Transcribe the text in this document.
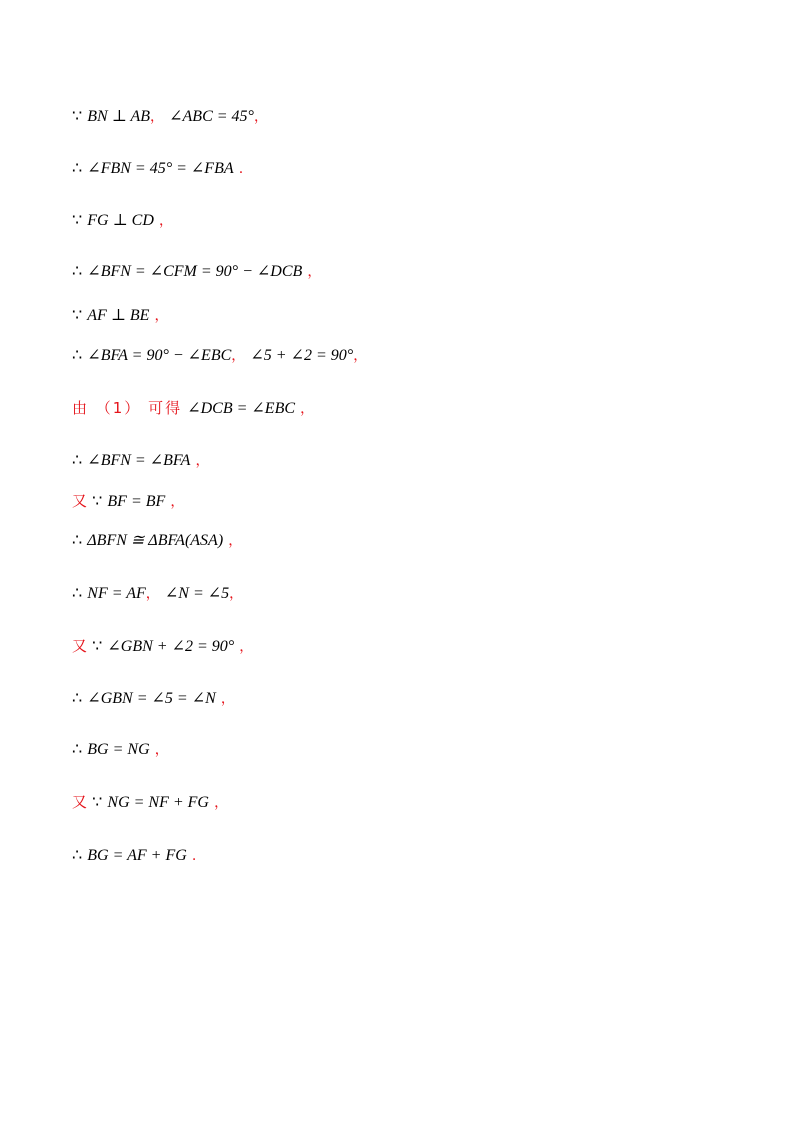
∵ BN ⊥ AB， ∠ABC = 45°，
∴ ∠FBN = 45° = ∠FBA .
∵ FG ⊥ CD ，
∴ ∠BFN = ∠CFM = 90° − ∠DCB ，
∵ AF ⊥ BE ，
∴ ∠BFA = 90° − ∠EBC， ∠5 + ∠2 = 90°，
由 （1） 可得 ∠DCB = ∠EBC ，
∴ ∠BFN = ∠BFA ，
又 ∵ BF = BF ，
∴ ΔBFN ≅ ΔBFA(ASA) ，
∴ NF = AF， ∠N = ∠5，
又 ∵ ∠GBN + ∠2 = 90° ，
∴ ∠GBN = ∠5 = ∠N ，
∴ BG = NG ，
又 ∵ NG = NF + FG ，
∴ BG = AF + FG .
